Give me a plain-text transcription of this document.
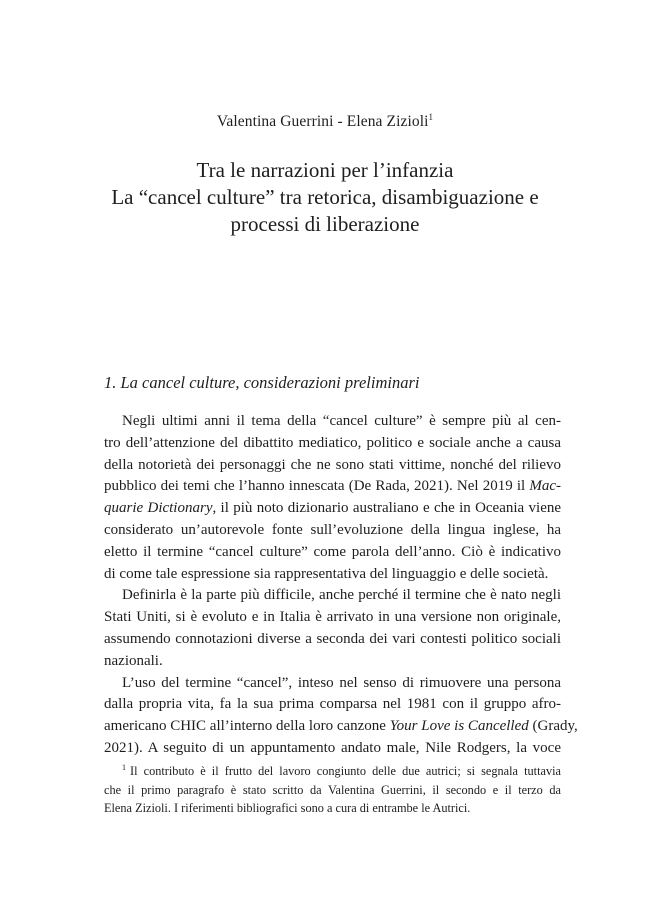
Valentina Guerrini - Elena Zizioli$^1$
Tra le narrazioni per l’infanzia
La “cancel culture” tra retorica, disambiguazione e
processi di liberazione
1. La cancel culture, considerazioni preliminari
Negli ultimi anni il tema della “cancel culture” è sempre più al cen-
tro dell’attenzione del dibattito mediatico, politico e sociale anche a causa
della notorietà dei personaggi che ne sono stati vittime, nonché del rilievo
pubblico dei temi che l’hanno innescata (De Rada, 2021). Nel 2019 il Mac-
quarie Dictionary, il più noto dizionario australiano e che in Oceania viene
considerato un’autorevole fonte sull’evoluzione della lingua inglese, ha
eletto il termine “cancel culture” come parola dell’anno. Ciò è indicativo
di come tale espressione sia rappresentativa del linguaggio e delle società.
Definirla è la parte più difficile, anche perché il termine che è nato negli
Stati Uniti, si è evoluto e in Italia è arrivato in una versione non originale,
assumendo connotazioni diverse a seconda dei vari contesti politico sociali
nazionali.
L’uso del termine “cancel”, inteso nel senso di rimuovere una persona
dalla propria vita, fa la sua prima comparsa nel 1981 con il gruppo afro-
americano CHIC all’interno della loro canzone Your Love is Cancelled (Grady,
2021). A seguito di un appuntamento andato male, Nile Rodgers, la voce
$^1$ Il contributo è il frutto del lavoro congiunto delle due autrici; si segnala tuttavia
che il primo paragrafo è stato scritto da Valentina Guerrini, il secondo e il terzo da
Elena Zizioli. I riferimenti bibliografici sono a cura di entrambe le Autrici.
